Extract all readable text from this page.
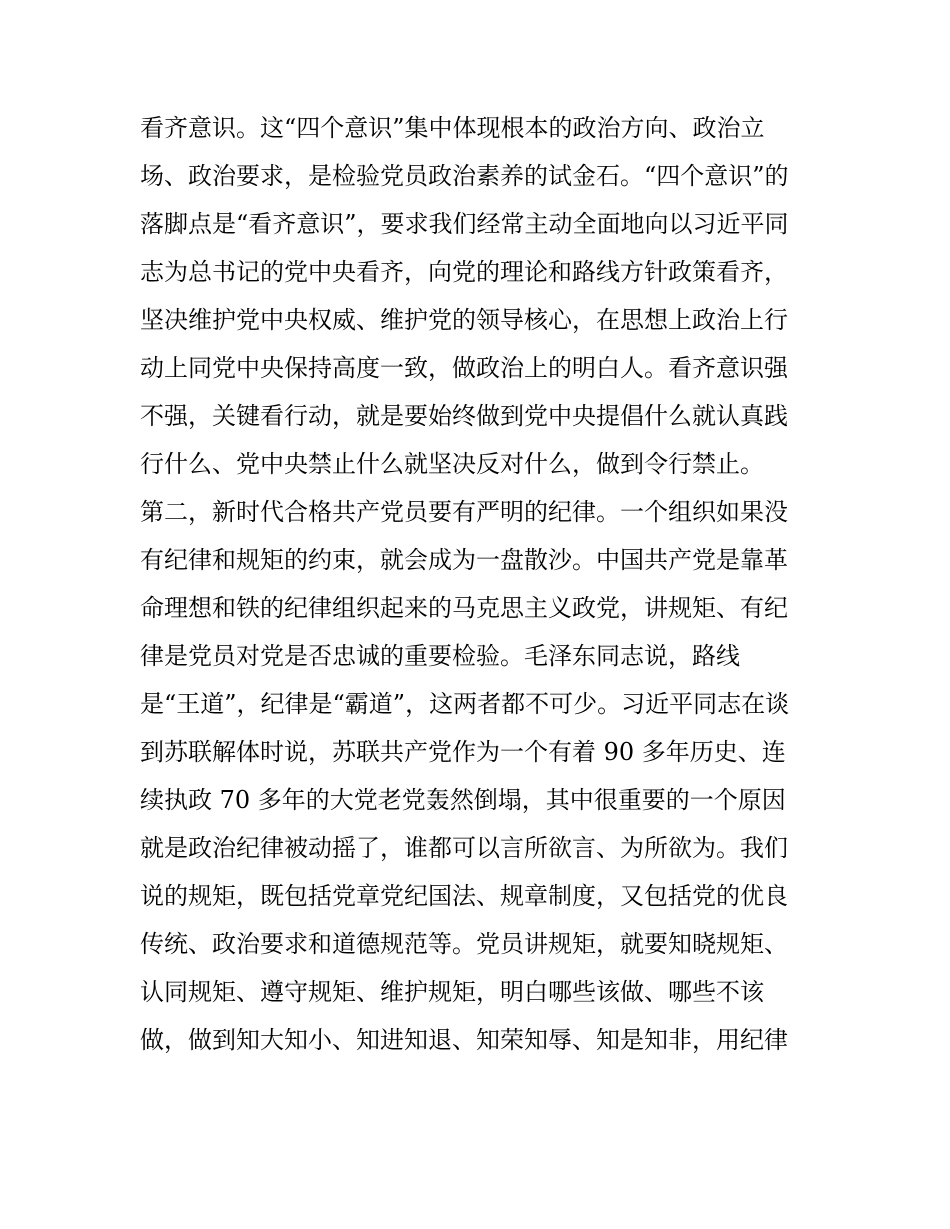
看齐意识。这“四个意识”集中体现根本的政治方向、政治立
场、政治要求，是检验党员政治素养的试金石。“四个意识”的
落脚点是“看齐意识”，要求我们经常主动全面地向以习近平同
志为总书记的党中央看齐，向党的理论和路线方针政策看齐，
坚决维护党中央权威、维护党的领导核心，在思想上政治上行
动上同党中央保持高度一致，做政治上的明白人。看齐意识强
不强，关键看行动，就是要始终做到党中央提倡什么就认真践
行什么、党中央禁止什么就坚决反对什么，做到令行禁止。
第二，新时代合格共产党员要有严明的纪律。一个组织如果没
有纪律和规矩的约束，就会成为一盘散沙。中国共产党是靠革
命理想和铁的纪律组织起来的马克思主义政党，讲规矩、有纪
律是党员对党是否忠诚的重要检验。毛泽东同志说，路线
是“王道”，纪律是“霸道”，这两者都不可少。习近平同志在谈
到苏联解体时说，苏联共产党作为一个有着 90 多年历史、连
续执政 70 多年的大党老党轰然倒塌，其中很重要的一个原因
就是政治纪律被动摇了，谁都可以言所欲言、为所欲为。我们
说的规矩，既包括党章党纪国法、规章制度，又包括党的优良
传统、政治要求和道德规范等。党员讲规矩，就要知晓规矩、
认同规矩、遵守规矩、维护规矩，明白哪些该做、哪些不该
做，做到知大知小、知进知退、知荣知辱、知是知非，用纪律
